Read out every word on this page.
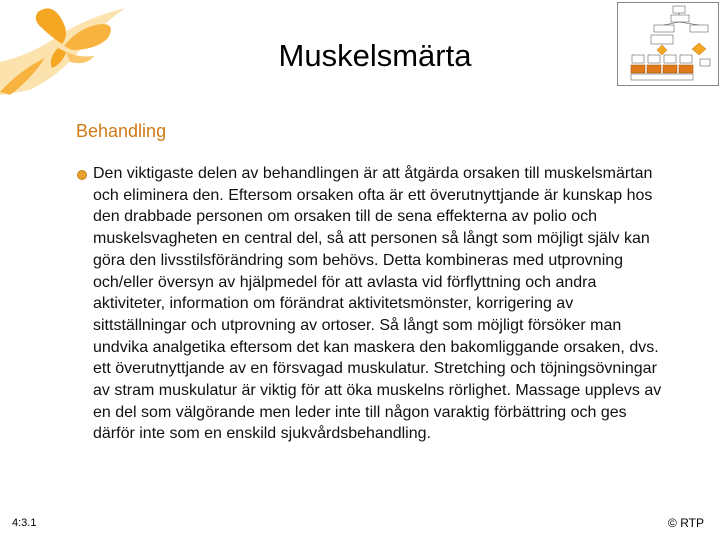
Muskelsmärta
Behandling

Den viktigaste delen av behandlingen är att åtgärda orsaken till muskelsmärtan och eliminera den. Eftersom orsaken ofta är ett överutnyttjande är kunskap hos den drabbade personen om orsaken till de sena effekterna av polio och muskelsvagheten en central del, så att personen så långt som möjligt själv kan göra den livsstilsförändring som behövs. Detta kombineras med utprovning och/eller översyn av hjälpmedel för att avlasta vid förflyttning och andra aktiviteter, information om förändrat aktivitetsmönster, korrigering av sittställningar och utprovning av ortoser. Så långt som möjligt försöker man undvika analgetika eftersom det kan maskera den bakomliggande orsaken, dvs. ett överutnyttjande av en försvagad muskulatur. Stretching och töjningsövningar av stram muskulatur är viktig för att öka muskelns rörlighet. Massage upplevs av en del som välgörande men leder inte till någon varaktig förbättring och ges därför inte som en enskild sjukvårdsbehandling.

4:3.1	© RTP
